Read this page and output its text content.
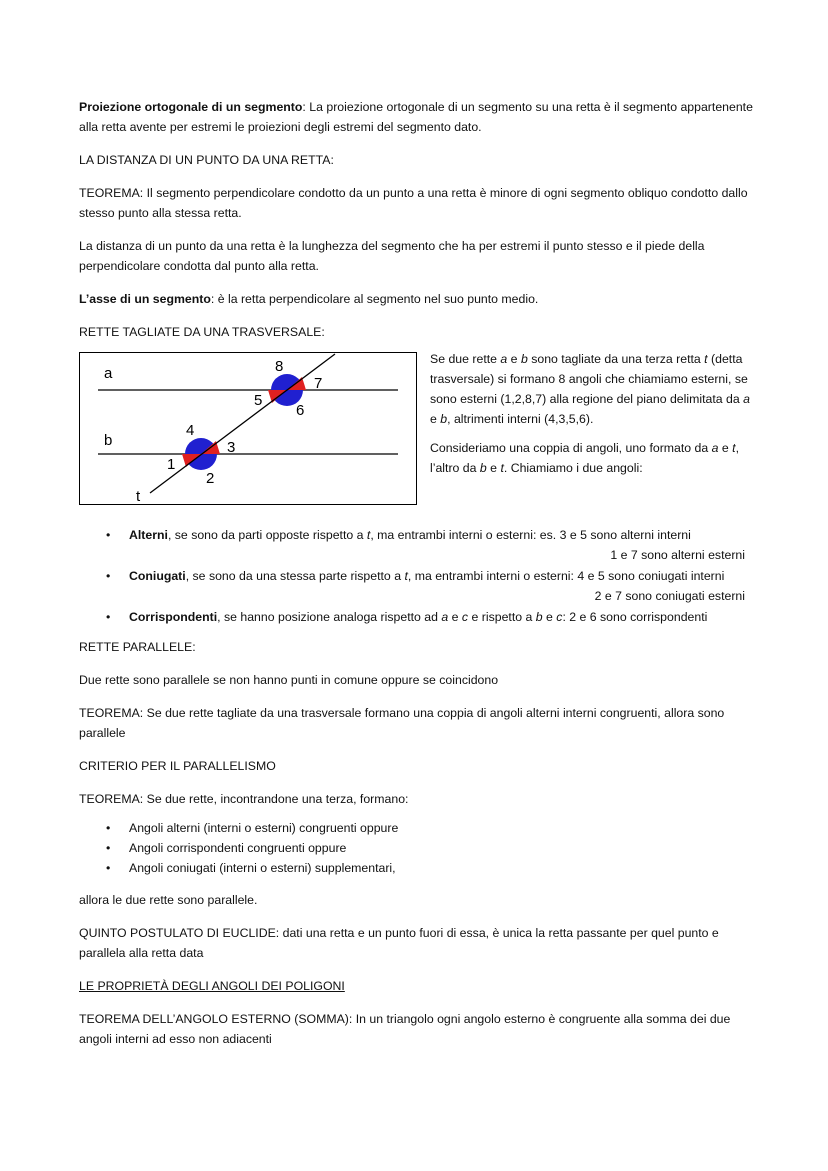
Proiezione ortogonale di un segmento: La proiezione ortogonale di un segmento su una retta è il segmento appartenente alla retta avente per estremi le proiezioni degli estremi del segmento dato.

LA DISTANZA DI UN PUNTO DA UNA RETTA:

TEOREMA: Il segmento perpendicolare condotto da un punto a una retta è minore di ogni segmento obliquo condotto dallo stesso punto alla stessa retta.

La distanza di un punto da una retta è la lunghezza del segmento che ha per estremi il punto stesso e il piede della perpendicolare condotta dal punto alla retta.

L’asse di un segmento: è la retta perpendicolare al segmento nel suo punto medio.

RETTE TAGLIATE DA UNA TRASVERSALE:

a
b
t
8
7
5
6
4
3
1
2

Se due rette a e b sono tagliate da una terza retta t (detta trasversale) si formano 8 angoli che chiamiamo esterni, se sono esterni (1,2,8,7) alla regione del piano delimitata da a e b, altrimenti interni (4,3,5,6).

Consideriamo una coppia di angoli, uno formato da a e t, l’altro da b e t. Chiamiamo i due angoli:

• Alterni, se sono da parti opposte rispetto a t, ma entrambi interni o esterni: es. 3 e 5 sono alterni interni
1 e 7 sono alterni esterni
• Coniugati, se sono da una stessa parte rispetto a t, ma entrambi interni o esterni: 4 e 5 sono coniugati interni
2 e 7 sono coniugati esterni
• Corrispondenti, se hanno posizione analoga rispetto ad a e c e rispetto a b e c: 2 e 6 sono corrispondenti

RETTE PARALLELE:

Due rette sono parallele se non hanno punti in comune oppure se coincidono

TEOREMA: Se due rette tagliate da una trasversale formano una coppia di angoli alterni interni congruenti, allora sono parallele

CRITERIO PER IL PARALLELISMO

TEOREMA: Se due rette, incontrandone una terza, formano:

• Angoli alterni (interni o esterni) congruenti oppure
• Angoli corrispondenti congruenti oppure
• Angoli coniugati (interni o esterni) supplementari,

allora le due rette sono parallele.

QUINTO POSTULATO DI EUCLIDE: dati una retta e un punto fuori di essa, è unica la retta passante per quel punto e parallela alla retta data

LE PROPRIETÀ DEGLI ANGOLI DEI POLIGONI

TEOREMA DELL’ANGOLO ESTERNO (SOMMA): In un triangolo ogni angolo esterno è congruente alla somma dei due angoli interni ad esso non adiacenti
